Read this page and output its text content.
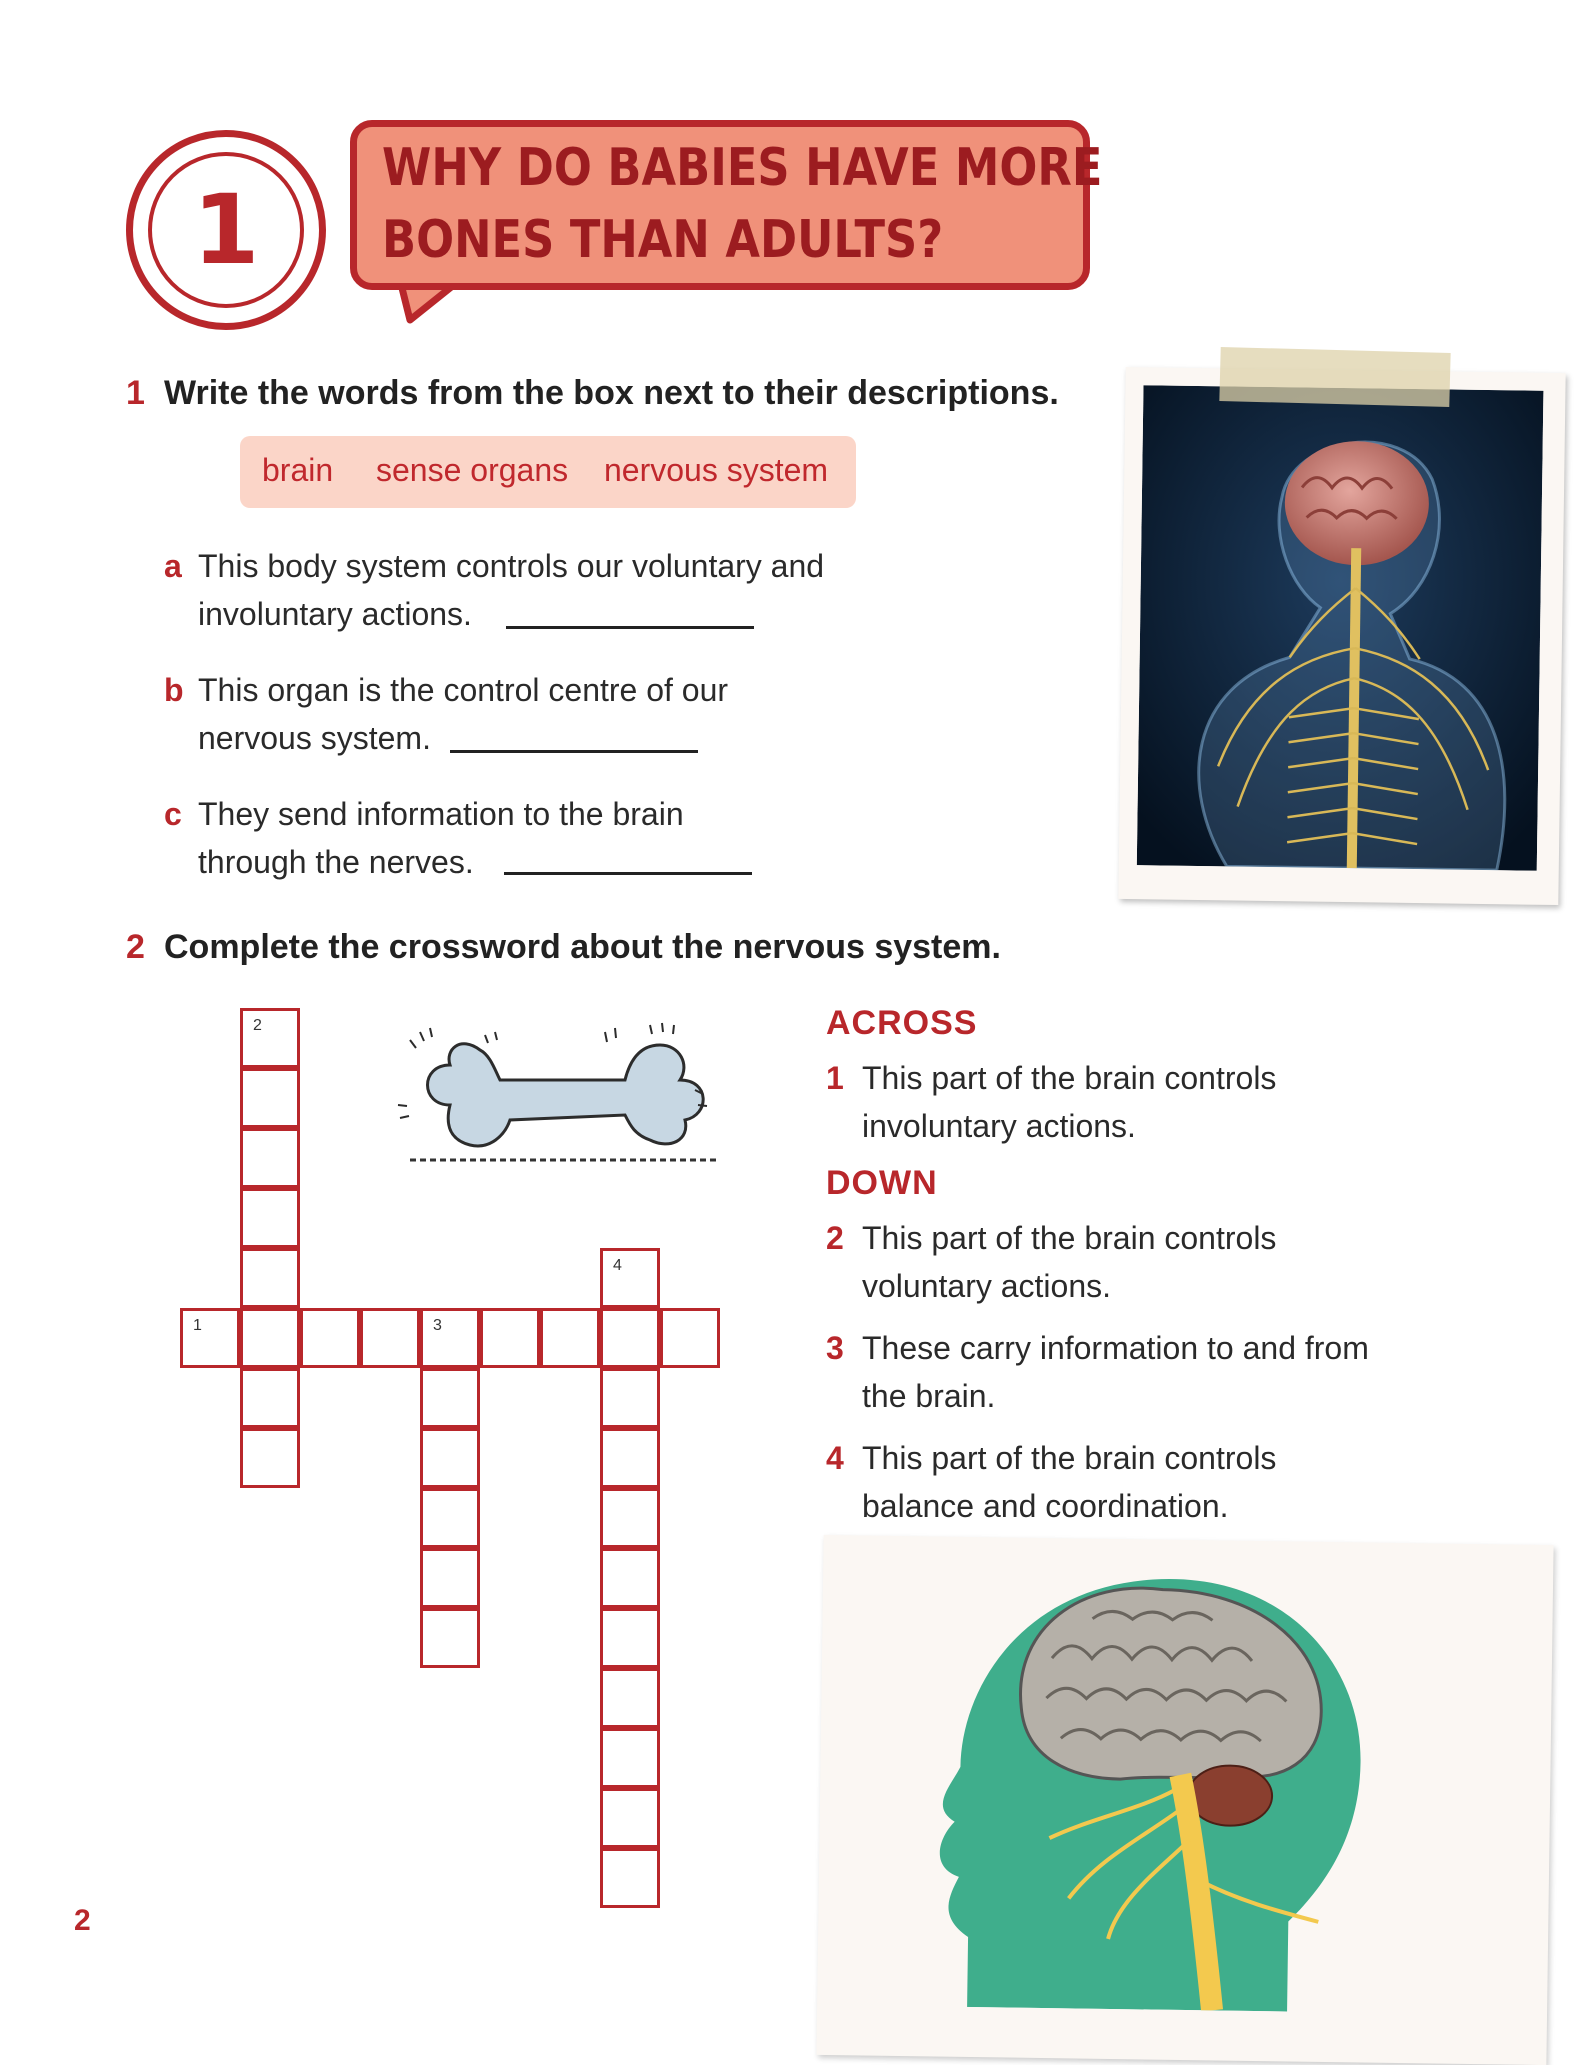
1
WHY DO BABIES HAVE MORE
BONES THAN ADULTS?
1 Write the words from the box next to their descriptions.
brain sense organs nervous system
a This body system controls our voluntary and
involuntary actions.
b This organ is the control centre of our
nervous system.
c They send information to the brain
through the nerves.
2 Complete the crossword about the nervous system.
2
1	3
4
ACROSS
1 This part of the brain controls
involuntary actions.
DOWN
2 This part of the brain controls
voluntary actions.
3 These carry information to and from
the brain.
4 This part of the brain controls
balance and coordination.
2
